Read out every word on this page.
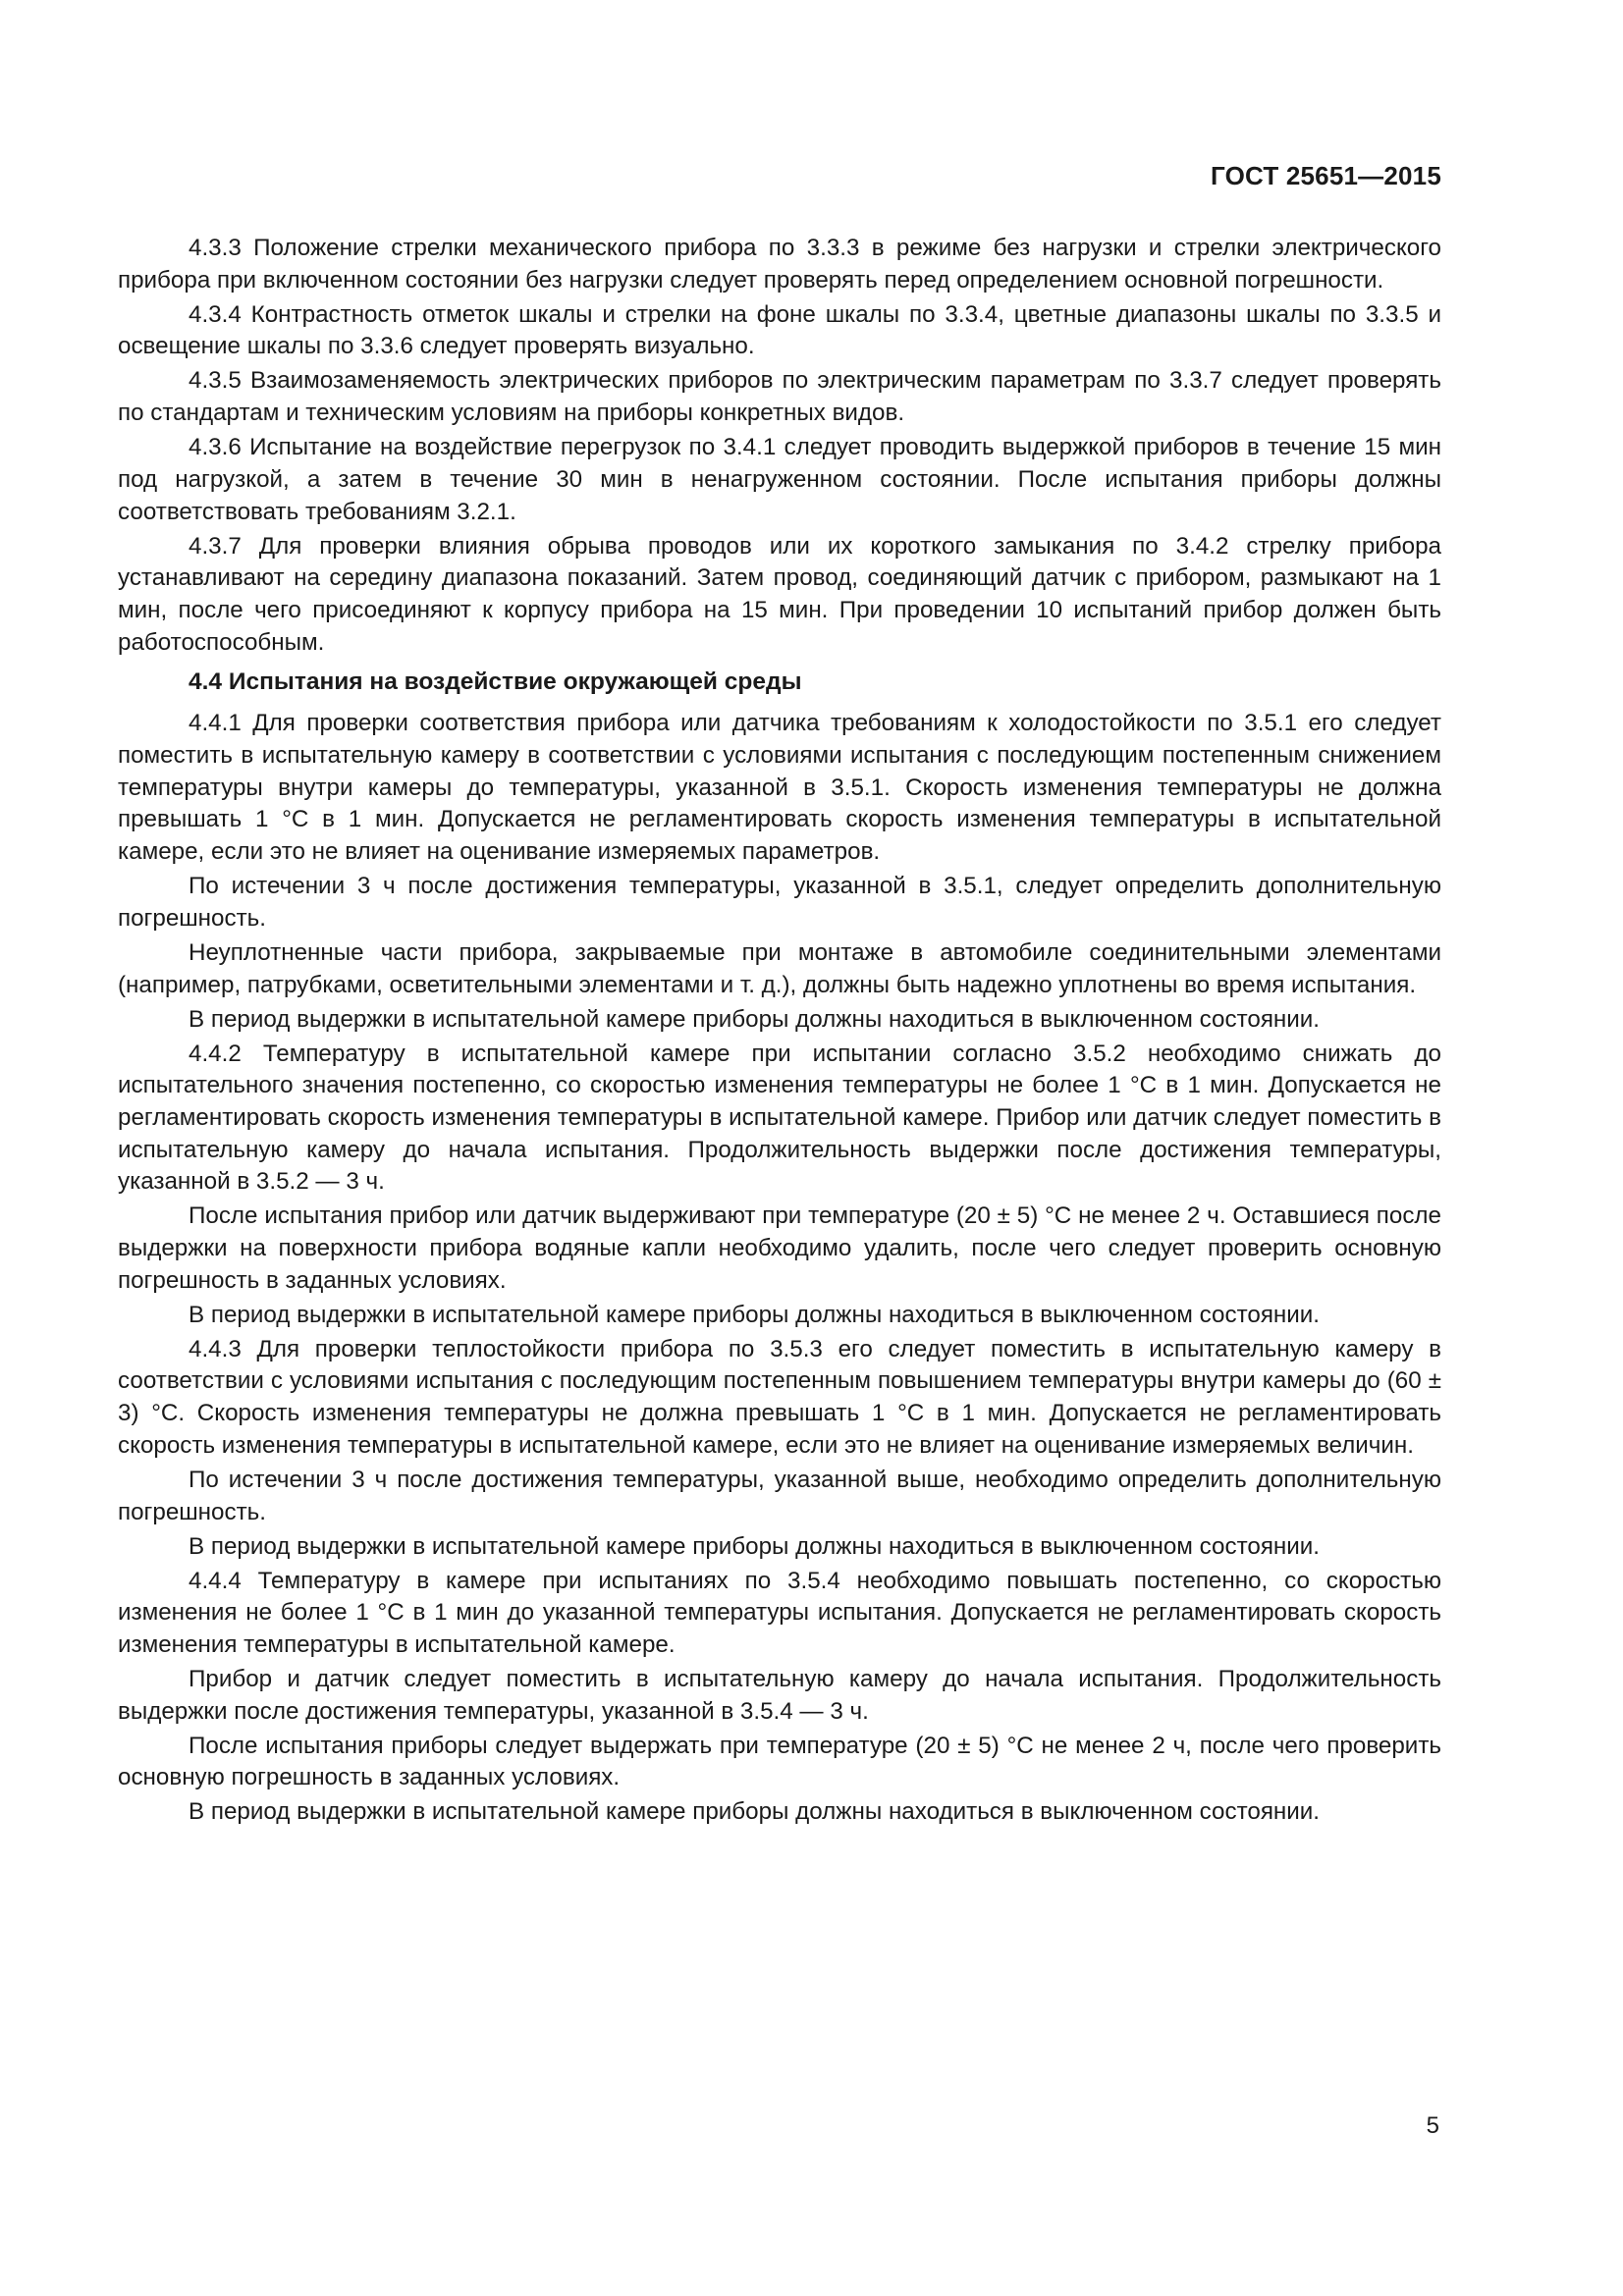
ГОСТ 25651—2015

4.3.3 Положение стрелки механического прибора по 3.3.3 в режиме без нагрузки и стрелки электрического прибора при включенном состоянии без нагрузки следует проверять перед определением основной погрешности.

4.3.4 Контрастность отметок шкалы и стрелки на фоне шкалы по 3.3.4, цветные диапазоны шкалы по 3.3.5 и освещение шкалы по 3.3.6 следует проверять визуально.

4.3.5 Взаимозаменяемость электрических приборов по электрическим параметрам по 3.3.7 следует проверять по стандартам и техническим условиям на приборы конкретных видов.

4.3.6 Испытание на воздействие перегрузок по 3.4.1 следует проводить выдержкой приборов в течение 15 мин под нагрузкой, а затем в течение 30 мин в ненагруженном состоянии. После испытания приборы должны соответствовать требованиям 3.2.1.

4.3.7 Для проверки влияния обрыва проводов или их короткого замыкания по 3.4.2 стрелку прибора устанавливают на середину диапазона показаний. Затем провод, соединяющий датчик с прибором, размыкают на 1 мин, после чего присоединяют к корпусу прибора на 15 мин. При проведении 10 испытаний прибор должен быть работоспособным.

4.4 Испытания на воздействие окружающей среды

4.4.1 Для проверки соответствия прибора или датчика требованиям к холодостойкости по 3.5.1 его следует поместить в испытательную камеру в соответствии с условиями испытания с последующим постепенным снижением температуры внутри камеры до температуры, указанной в 3.5.1. Скорость изменения температуры не должна превышать 1 °С в 1 мин. Допускается не регламентировать скорость изменения температуры в испытательной камере, если это не влияет на оценивание измеряемых параметров.

По истечении 3 ч после достижения температуры, указанной в 3.5.1, следует определить дополнительную погрешность.

Неуплотненные части прибора, закрываемые при монтаже в автомобиле соединительными элементами (например, патрубками, осветительными элементами и т. д.), должны быть надежно уплотнены во время испытания.

В период выдержки в испытательной камере приборы должны находиться в выключенном состоянии.

4.4.2 Температуру в испытательной камере при испытании согласно 3.5.2 необходимо снижать до испытательного значения постепенно, со скоростью изменения температуры не более 1 °С в 1 мин. Допускается не регламентировать скорость изменения температуры в испытательной камере. Прибор или датчик следует поместить в испытательную камеру до начала испытания. Продолжительность выдержки после достижения температуры, указанной в 3.5.2 — 3 ч.

После испытания прибор или датчик выдерживают при температуре (20 ± 5) °С не менее 2 ч. Оставшиеся после выдержки на поверхности прибора водяные капли необходимо удалить, после чего следует проверить основную погрешность в заданных условиях.

В период выдержки в испытательной камере приборы должны находиться в выключенном состоянии.

4.4.3 Для проверки теплостойкости прибора по 3.5.3 его следует поместить в испытательную камеру в соответствии с условиями испытания с последующим постепенным повышением температуры внутри камеры до (60 ± 3) °С. Скорость изменения температуры не должна превышать 1 °С в 1 мин. Допускается не регламентировать скорость изменения температуры в испытательной камере, если это не влияет на оценивание измеряемых величин.

По истечении 3 ч после достижения температуры, указанной выше, необходимо определить дополнительную погрешность.

В период выдержки в испытательной камере приборы должны находиться в выключенном состоянии.

4.4.4 Температуру в камере при испытаниях по 3.5.4 необходимо повышать постепенно, со скоростью изменения не более 1 °С в 1 мин до указанной температуры испытания. Допускается не регламентировать скорость изменения температуры в испытательной камере.

Прибор и датчик следует поместить в испытательную камеру до начала испытания. Продолжительность выдержки после достижения температуры, указанной в 3.5.4 — 3 ч.

После испытания приборы следует выдержать при температуре (20 ± 5) °С не менее 2 ч, после чего проверить основную погрешность в заданных условиях.

В период выдержки в испытательной камере приборы должны находиться в выключенном состоянии.

5
